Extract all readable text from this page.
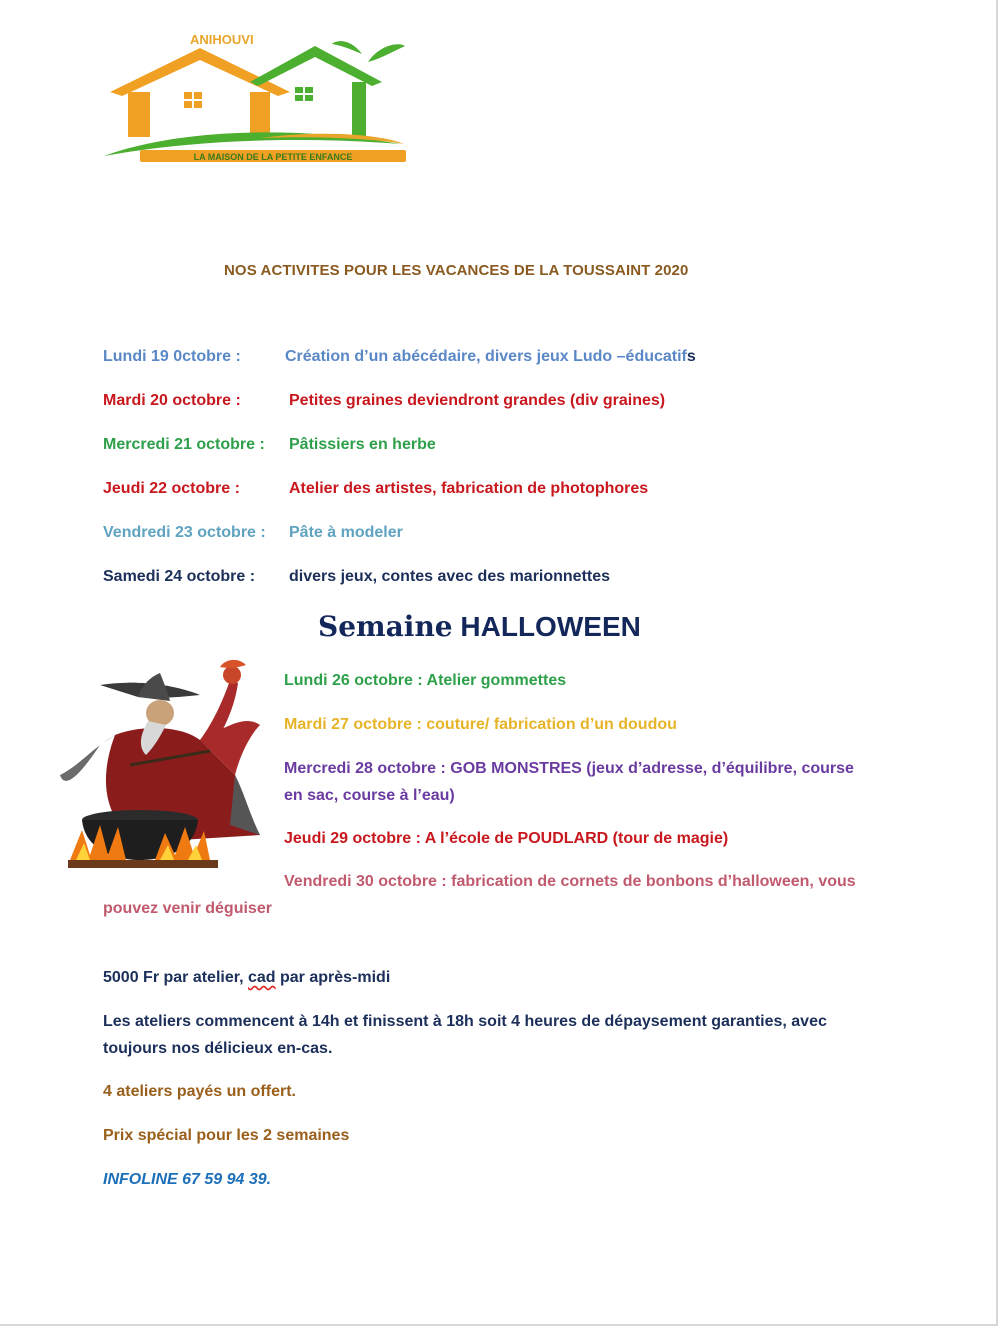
ANIHOUVI
LA MAISON DE LA PETITE ENFANCE
NOS ACTIVITES POUR LES VACANCES DE LA TOUSSAINT 2020
Lundi 19 0ctobre :	Création d’un abécédaire, divers jeux Ludo –éducatifs
Mardi 20 octobre :	Petites graines deviendront grandes (div graines)
Mercredi 21 octobre : Pâtissiers en herbe
Jeudi 22 octobre :	Atelier des artistes, fabrication de photophores
Vendredi 23 octobre : Pâte à modeler
Samedi 24 octobre : divers jeux, contes avec des marionnettes
Semaine HALLOWEEN
Lundi 26 octobre : Atelier gommettes
Mardi 27 octobre : couture/ fabrication d’un doudou
Mercredi 28 octobre : GOB MONSTRES (jeux d’adresse, d’équilibre, course
en sac, course à l’eau)
Jeudi 29 octobre : A l’école de POUDLARD (tour de magie)
Vendredi 30 octobre : fabrication de cornets de bonbons d’halloween, vous
pouvez venir déguiser
5000 Fr par atelier, cad par après-midi
Les ateliers commencent à 14h et finissent à 18h soit 4 heures de dépaysement garanties, avec
toujours nos délicieux en-cas.
4 ateliers payés un offert.
Prix spécial pour les 2 semaines
INFOLINE 67 59 94 39.
